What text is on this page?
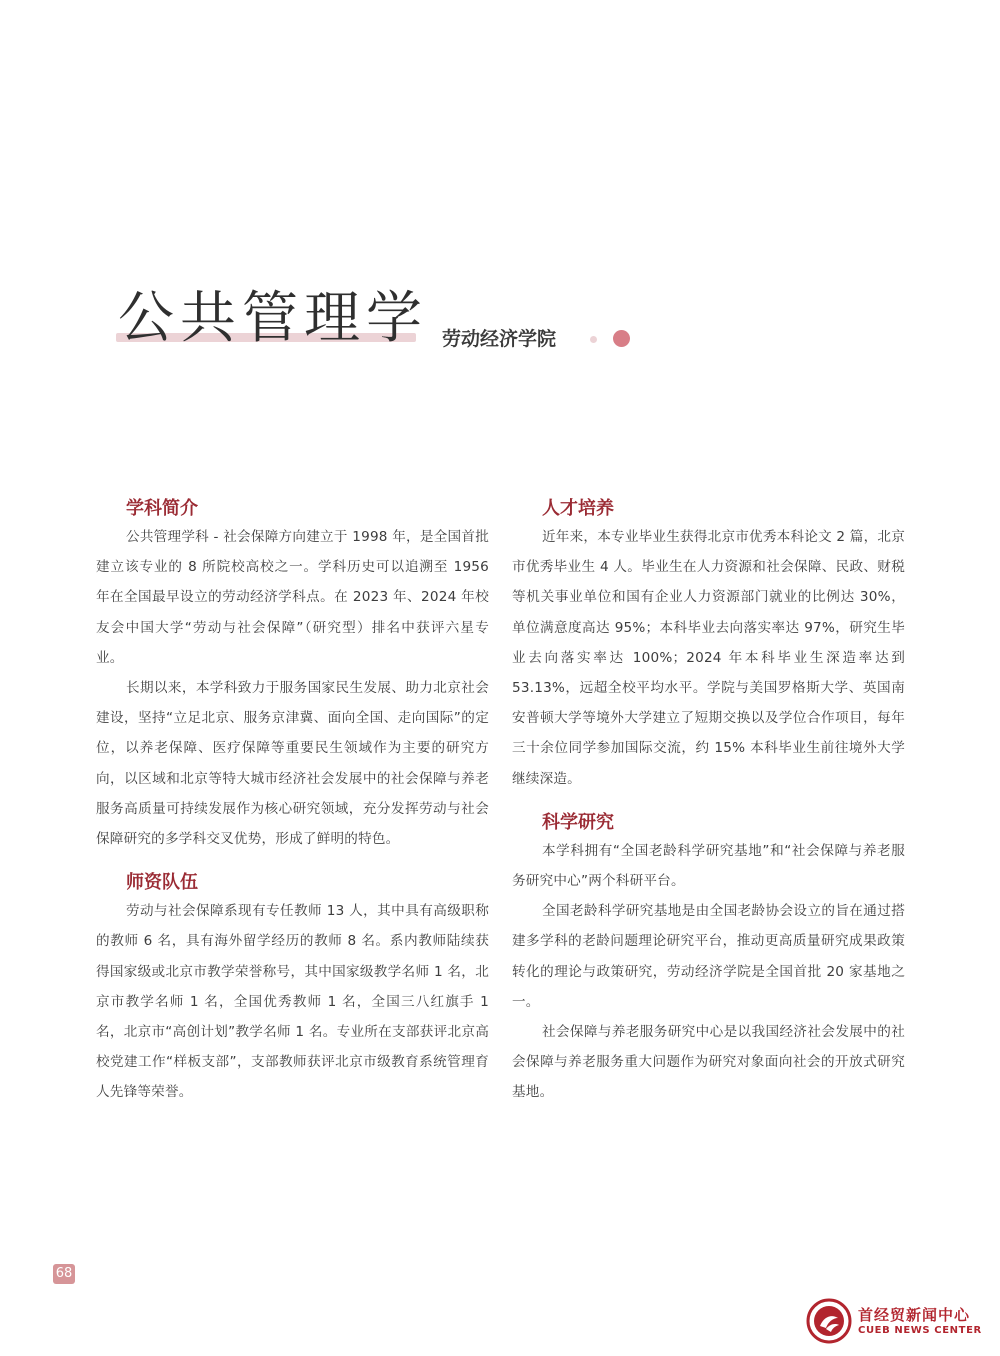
公共管理学 劳动经济学院
学科简介

公共管理学科 - 社会保障方向建立于 1998 年，是全国首批建立该专业的 8 所院校高校之一。学科历史可以追溯至 1956 年在全国最早设立的劳动经济学科点。在 2023 年、2024 年校友会中国大学“劳动与社会保障”（研究型）排名中获评六星专业。

长期以来，本学科致力于服务国家民生发展、助力北京社会建设，坚持“立足北京、服务京津冀、面向全国、走向国际”的定位，以养老保障、医疗保障等重要民生领域作为主要的研究方向，以区域和北京等特大城市经济社会发展中的社会保障与养老服务高质量可持续发展作为核心研究领域，充分发挥劳动与社会保障研究的多学科交叉优势，形成了鲜明的特色。

师资队伍

劳动与社会保障系现有专任教师 13 人，其中具有高级职称的教师 6 名，具有海外留学经历的教师 8 名。系内教师陆续获得国家级或北京市教学荣誉称号，其中国家级教学名师 1 名，北京市教学名师 1 名，全国优秀教师 1 名，全国三八红旗手 1 名，北京市“高创计划”教学名师 1 名。专业所在支部获评北京高校党建工作“样板支部”，支部教师获评北京市级教育系统管理育人先锋等荣誉。

人才培养

近年来，本专业毕业生获得北京市优秀本科论文 2 篇，北京市优秀毕业生 4 人。毕业生在人力资源和社会保障、民政、财税等机关事业单位和国有企业人力资源部门就业的比例达 30%，单位满意度高达 95%；本科毕业去向落实率达 97%，研究生毕业去向落实率达 100%；2024 年本科毕业生深造率达到 53.13%，远超全校平均水平。学院与美国罗格斯大学、英国南安普顿大学等境外大学建立了短期交换以及学位合作项目，每年三十余位同学参加国际交流，约 15% 本科毕业生前往境外大学继续深造。

科学研究

本学科拥有“全国老龄科学研究基地”和“社会保障与养老服务研究中心”两个科研平台。

全国老龄科学研究基地是由全国老龄协会设立的旨在通过搭建多学科的老龄问题理论研究平台，推动更高质量研究成果政策转化的理论与政策研究，劳动经济学院是全国首批 20 家基地之一。

社会保障与养老服务研究中心是以我国经济社会发展中的社会保障与养老服务重大问题作为研究对象面向社会的开放式研究基地。

68
首经贸新闻中心
CUEB NEWS CENTER
